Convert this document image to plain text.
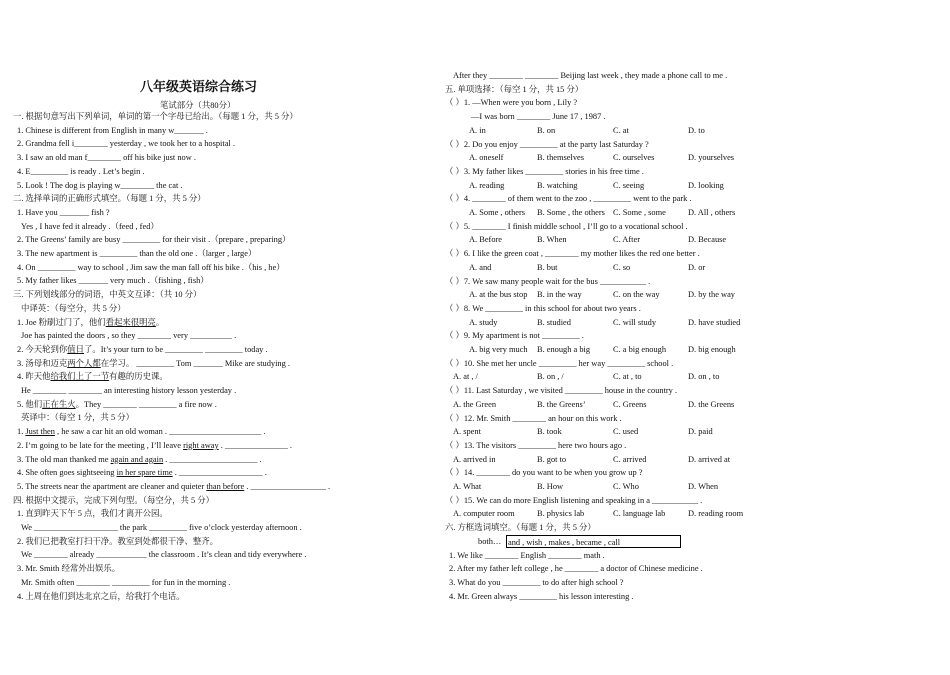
八年级英语综合练习
笔试部分（共80分）
一. 根据句意写出下列单词，单词的第一个字母已给出。（每题 1 分，共 5 分）
1. Chinese is different from English in many w_______ .
2. Grandma fell i________ yesterday , we took her to a hospital .
3. I saw an old man f________ off his bike just now .
4. E_________ is ready . Let’s begin .
5. Look ! The dog is playing w________ the cat .
二. 选择单词的正确形式填空。（每题 1 分，共 5 分）
1. Have you _______ fish ?
Yes , I have fed it already .（feed , fed）
2. The Greens’ family are busy _________ for their visit .（prepare , preparing）
3. The new apartment is _________ than the old one .（larger , large）
4. On _________ way to school , Jim saw the man fall off his bike .（his , he）
5. My father likes _______ very much .（fishing , fish）
三. 下列划线部分的词语，中英文互译：（共 10 分）
中译英：（每空分，共 5 分）
1. Joe 粉刷过门了，他们看起来很明亮。
Joe has painted the doors , so they ________ very __________ .
2. 今天轮到你值日了。It’s your turn to be _________ _________ today .
3. 汤母和迈克两个人都在学习。 _________ Tom _______ Mike are studying .
4. 昨天他给我们上了一节有趣的历史课。
He ________ ________ an interesting history lesson yesterday .
5. 他们正在生火。They ________ _________ a fire now .
英译中：（每空 1 分，共 5 分）
1. Just then , he saw a car hit an old woman . ______________________ .
2. I’m going to be late for the meeting , I’ll leave right away . _______________ .
3. The old man thanked me again and again . _____________________ .
4. She often goes sightseeing in her spare time . ____________________ .
5. The streets near the apartment are cleaner and quieter than before . __________________ .
四. 根据中文提示，完成下列句型。（每空分，共 5 分）
1. 直到昨天下午 5 点，我们才离开公园。
We ____________________ the park _________ five o’clock yesterday afternoon .
2. 我们已把教室打扫干净。教室到处都很干净、整齐。
We ________ already ____________ the classroom . It’s clean and tidy everywhere .
3. Mr. Smith 经常外出娱乐。
Mr. Smith often ________ _________ for fun in the morning .
4. 上周在他们到达北京之后，给我打个电话。
After they ________ ________ Beijing last week , they made a phone call to me .
五. 单项选择：（每空 1 分，共 15 分）
（ ）1. —When were you born , Lily ?
—I was born ________ June 17 , 1987 .
A. in	B. on	C. at	D. to
（ ）2. Do you enjoy _________ at the party last Saturday ?
A. oneself	B. themselves	C. ourselves	D. yourselves
（ ）3. My father likes _________ stories in his free time .
A. reading	B. watching	C. seeing	D. looking
（ ）4. ________ of them went to the zoo , _________ went to the park .
A. Some , others B. Some , the others C. Some , some	D. All , others
（ ）5. ________ I finish middle school , I’ll go to a vocational school .
A. Before	B. When	C. After	D. Because
（ ）6. I like the green coat , ________ my mother likes the red one better .
A. and	B. but	C. so	D. or
（ ）7. We saw many people wait for the bus ___________ .
A. at the bus stop B. in the way	C. on the way	D. by the way
（ ）8. We _________ in this school for about two years .
A. study	B. studied	C. will study	D. have studied
（ ）9. My apartment is not _________ .
A. big very much B. enough a big	C. a big enough	D. big enough
（ ）10. She met her uncle _________ her way _________ school .
A. at , /	B. on , /	C. at , to	D. on , to
（ ）11. Last Saturday , we visited _________ house in the country .
A. the Green	B. the Greens’	C. Greens	D. the Greens
（ ）12. Mr. Smith ________ an hour on this work .
A. spent	B. took	C. used	D. paid
（ ）13. The visitors _________ here two hours ago .
A. arrived in	B. got to	C. arrived	D. arrived at
（ ）14. ________ do you want to be when you grow up ?
A. What	B. How	C. Who	D. When
（ ）15. We can do more English listening and speaking in a ___________ .
A. computer room	B. physics lab	C. language lab	D. reading room
六. 方框选词填空。（每题 1 分，共 5 分）
both…
1. We like ________ English ________ math .
2. After my father left college , he ________ a doctor of Chinese medicine .
3. What do you _________ to do after high school ?
4. Mr. Green always _________ his lesson interesting .
and , wish , makes , became , call
